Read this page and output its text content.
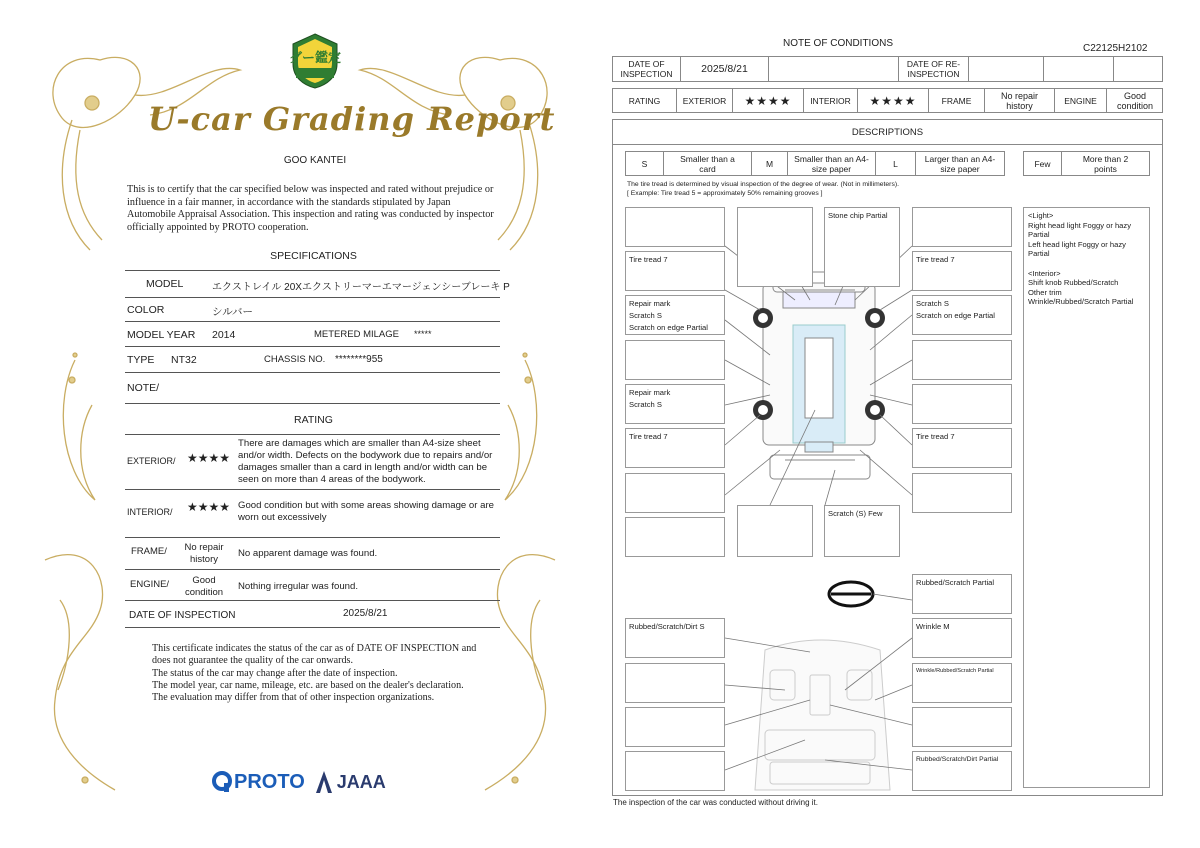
グー鑑定
U-car Grading Report
GOO KANTEI
This is to certify that the car specified below was inspected and rated without prejudice or influence in a fair manner, in accordance with the standards stipulated by Japan Automobile Appraisal Association. This inspection and rating was conducted by inspector officially appointed by PROTO cooperation.
SPECIFICATIONS
MODEL	エクストレイル 20Xエクストリーマーエマージェンシーブレーキ P
COLOR	シルバー
MODEL YEAR 2014	METERED MILAGE *****
TYPE NT32	CHASSIS NO. ********955
NOTE/
RATING
EXTERIOR/ ★★★★
There are damages which are smaller than A4-size sheet and/or width. Defects on the bodywork due to repairs and/or damages smaller than a card in length and/or width can be seen on more than 4 areas of the bodywork.
INTERIOR/ ★★★★ Good condition but with some areas showing damage or are worn out excessively
FRAME/	No repair history	No apparent damage was found.
ENGINE/	Good condition	Nothing irregular was found.
DATE OF INSPECTION	2025/8/21
This certificate indicates the status of the car as of DATE OF INSPECTION and does not guarantee the quality of the car onwards.
The status of the car may change after the date of inspection.
The model year, car name, mileage, etc. are based on the dealer's declaration.
The evaluation may differ from that of other inspection organizations.
PROTO JAAA
NOTE OF CONDITIONS	C22125H2102
DATE OF INSPECTION	2025/8/21	DATE OF RE-INSPECTION
RATING	EXTERIOR	★★★★	INTERIOR	★★★★	FRAME	No repair history	ENGINE	Good condition
DESCRIPTIONS
S	Smaller than a card	M	Smaller than an A4-size paper	L	Larger than an A4-size paper	Few	More than 2 points
The tire tread is determined by visual inspection of the degree of wear. (Not in millimeters).
[ Example: Tire tread 5 = approximately 50% remaining grooves ]
Stone chip Partial
Tire tread 7	Tire tread 7
Repair mark
Scratch S
Scratch on edge Partial
Scratch S
Scratch on edge Partial
Repair mark
Scratch S
Tire tread 7	Tire tread 7
Scratch (S) Few
Rubbed/Scratch Partial
Rubbed/Scratch/Dirt S	Wrinkle M
Wrinkle/Rubbed/Scratch Partial
Rubbed/Scratch/Dirt Partial
<Light>
Right head light Foggy or hazy Partial
Left head light Foggy or hazy Partial
<Interior>
Shift knob Rubbed/Scratch
Other trim
Wrinkle/Rubbed/Scratch Partial
The inspection of the car was conducted without driving it.
